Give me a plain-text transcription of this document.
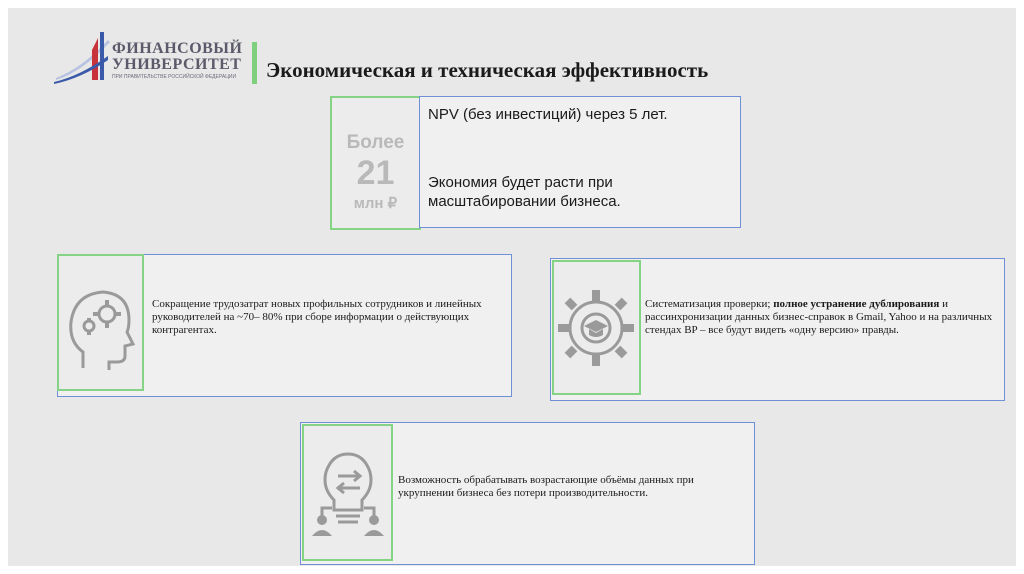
ФИНАНСОВЫЙ
УНИВЕРСИТЕТ
ПРИ ПРАВИТЕЛЬСТВЕ РОССИЙСКОЙ ФЕДЕРАЦИИ Экономическая и техническая эффективность
Более
21
млн ₽
NPV (без инвестиций) через 5 лет.
Экономия будет расти при масштабировании бизнеса.
Сокращение трудозатрат новых профильных сотрудников и линейных руководителей на ~70– 80% при сборе информации о действующих контрагентах.
Систематизация проверки; полное устранение дублирования и рассинхронизации данных бизнес-справок в Gmail, Yahoo и на различных стендах BP – все будут видеть «одну версию» правды.
Возможность обрабатывать возрастающие объёмы данных при укрупнении бизнеса без потери производительности.
